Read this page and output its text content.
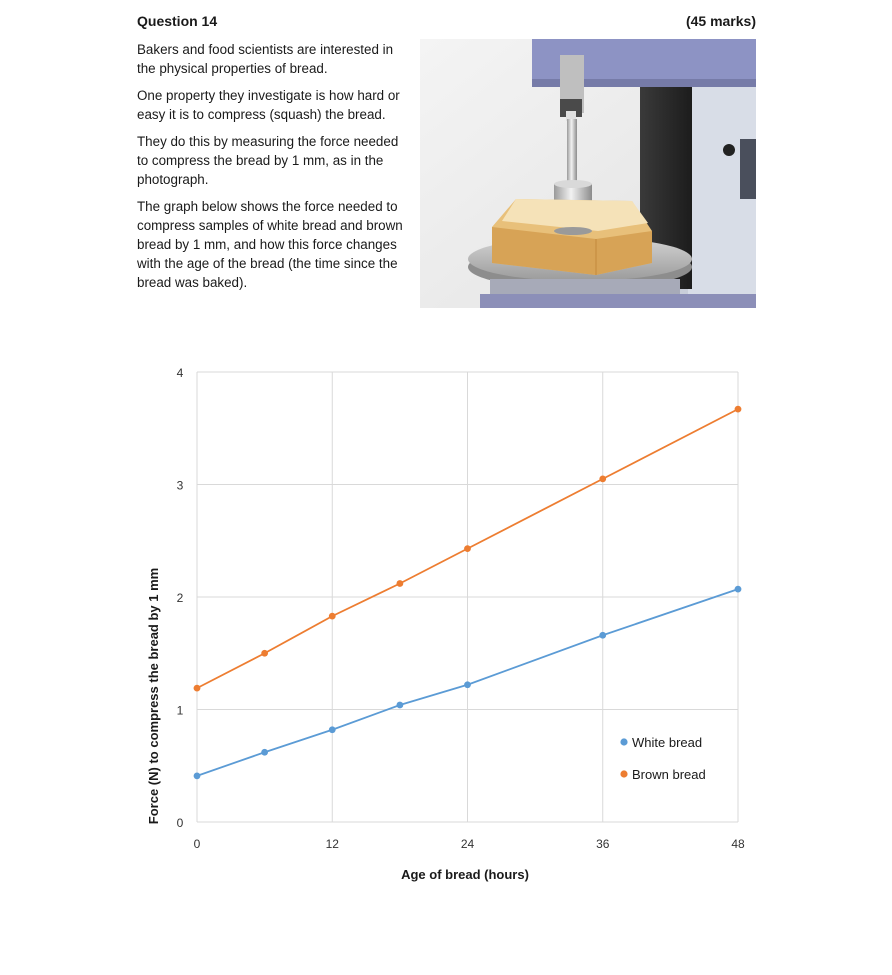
Question 14	(45 marks)

Bakers and food scientists are interested in the physical properties of bread.

One property they investigate is how hard or easy it is to compress (squash) the bread.

They do this by measuring the force needed to compress the bread by 1 mm, as in the photograph.

The graph below shows the force needed to compress samples of white bread and brown bread by 1 mm, and how this force changes with the age of the bread (the time since the bread was baked).

0
1
2
3
4
0	12	24	36	48
Force (N) to compress the bread by 1 mm
Age of bread (hours)
White bread
Brown bread
